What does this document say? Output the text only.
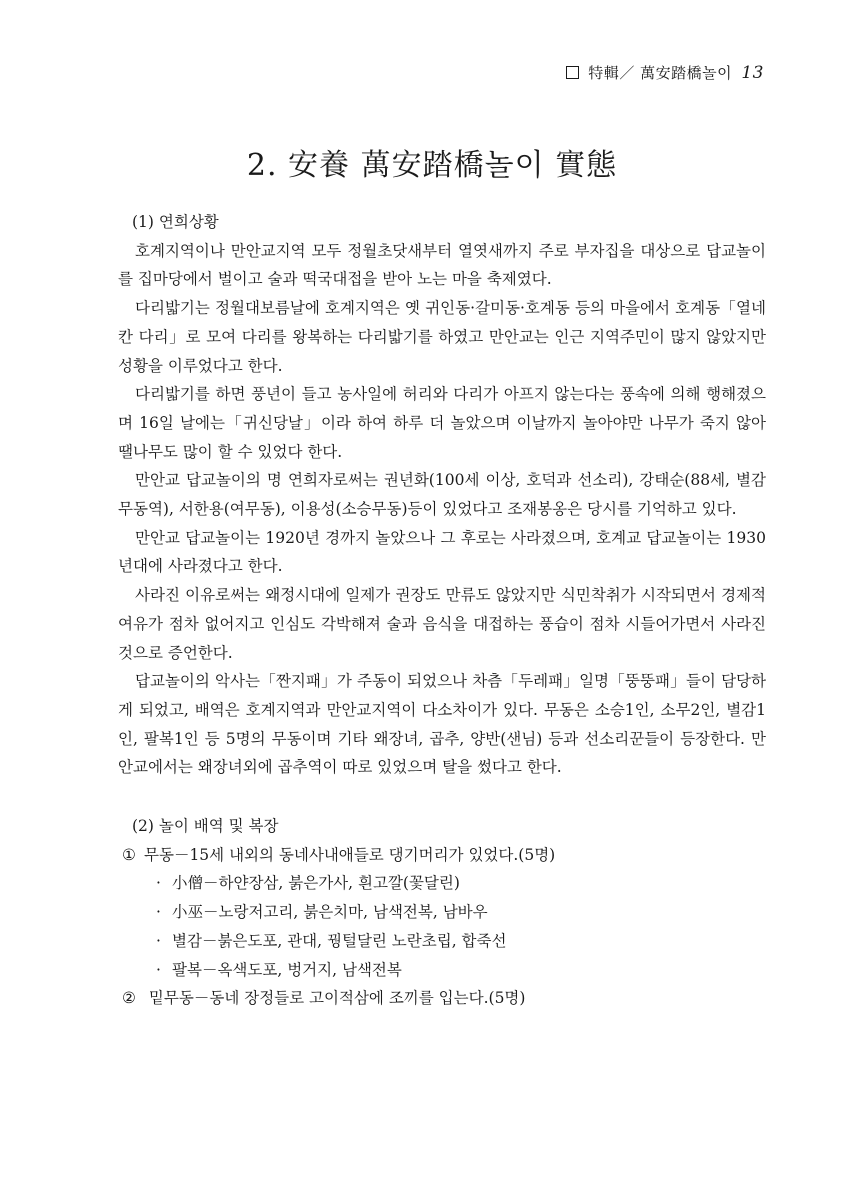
特輯／ 萬安踏橋놀이 13
2. 安養 萬安踏橋놀이 實態

(1) 연희상황

호계지역이나 만안교지역 모두 정월초닷새부터 열엿새까지 주로 부자집을 대상으로 답교놀이를 집마당에서 벌이고 술과 떡국대접을 받아 노는 마을 축제였다.

다리밟기는 정월대보름날에 호계지역은 옛 귀인동·갈미동·호계동 등의 마을에서 호계동「열네칸 다리」로 모여 다리를 왕복하는 다리밟기를 하였고 만안교는 인근 지역주민이 많지 않았지만 성황을 이루었다고 한다.

다리밟기를 하면 풍년이 들고 농사일에 허리와 다리가 아프지 않는다는 풍속에 의해 행해졌으며 16일 날에는「귀신당날」이라 하여 하루 더 놀았으며 이날까지 놀아야만 나무가 죽지 않아 땔나무도 많이 할 수 있었다 한다.

만안교 답교놀이의 명 연희자로써는 권년화(100세 이상, 호덕과 선소리), 강태순(88세, 별감무동역), 서한용(여무동), 이용성(소승무동)등이 있었다고 조재봉옹은 당시를 기억하고 있다.

만안교 답교놀이는 1920년 경까지 놀았으나 그 후로는 사라졌으며, 호계교 답교놀이는 1930년대에 사라졌다고 한다.

사라진 이유로써는 왜정시대에 일제가 권장도 만류도 않았지만 식민착취가 시작되면서 경제적 여유가 점차 없어지고 인심도 각박해져 술과 음식을 대접하는 풍습이 점차 시들어가면서 사라진 것으로 증언한다.

답교놀이의 악사는「짠지패」가 주동이 되었으나 차츰「두레패」일명「뚱뚱패」들이 담당하게 되었고, 배역은 호계지역과 만안교지역이 다소차이가 있다. 무동은 소승1인, 소무2인, 별감1인, 팔복1인 등 5명의 무동이며 기타 왜장녀, 곱추, 양반(샌님) 등과 선소리꾼들이 등장한다. 만안교에서는 왜장녀외에 곱추역이 따로 있었으며 탈을 썼다고 한다.

(2) 놀이 배역 및 복장

① 무동－15세 내외의 동네사내애들로 댕기머리가 있었다.(5명)

· 小僧－하얀장삼, 붉은가사, 흰고깔(꽃달린)

· 小巫－노랑저고리, 붉은치마, 남색전복, 남바우

· 별감－붉은도포, 관대, 꿩털달린 노란초립, 합죽선

· 팔복－옥색도포, 벙거지, 남색전복

② 밑무동－동네 장정들로 고이적삼에 조끼를 입는다.(5명)
